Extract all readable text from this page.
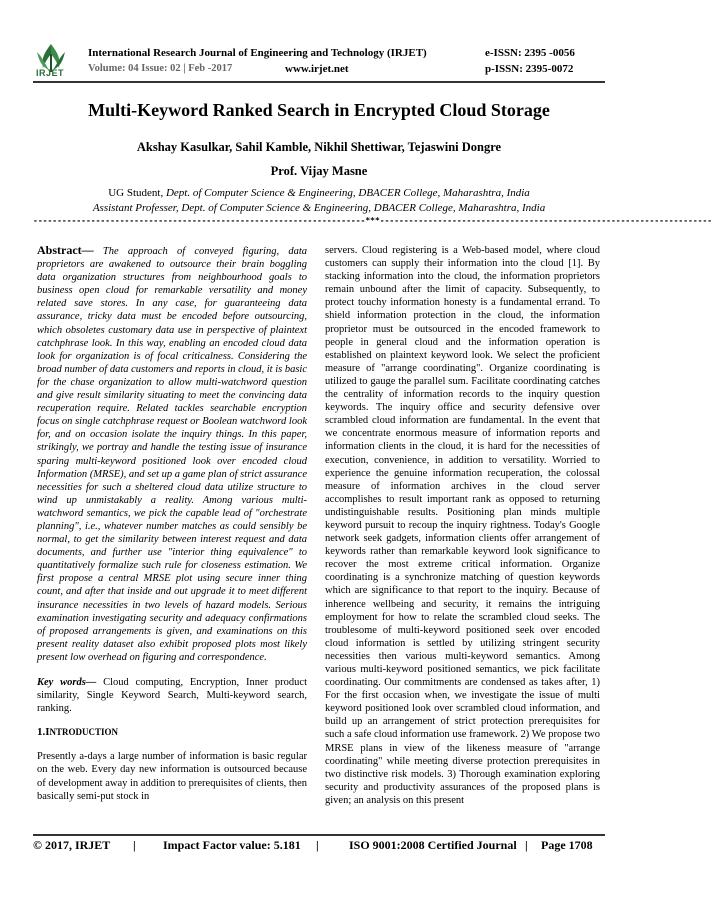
IRJET
International Research Journal of Engineering and Technology (IRJET)	e-ISSN: 2395 -0056
Volume: 04 Issue: 02 | Feb -2017	www.irjet.net	p-ISSN: 2395-0072
Multi-Keyword Ranked Search in Encrypted Cloud Storage
Akshay Kasulkar, Sahil Kamble, Nikhil Shettiwar, Tejaswini Dongre
Prof. Vijay Masne
UG Student, Dept. of Computer Science & Engineering, DBACER College, Maharashtra, India
Assistant Professer, Dept. of Computer Science & Engineering, DBACER College, Maharashtra, India
---------------------------------------------------------------------***---------------------------------------------------------------------

Abstract— The approach of conveyed figuring, data proprietors are awakened to outsource their brain boggling data organization structures from neighbourhood goals to business open cloud for remarkable versatility and money related save stores. In any case, for guaranteeing data assurance, tricky data must be encoded before outsourcing, which obsoletes customary data use in perspective of plaintext catchphrase look. In this way, enabling an encoded cloud data look for organization is of focal criticalness. Considering the broad number of data customers and reports in cloud, it is basic for the chase organization to allow multi-watchword question and give result similarity situating to meet the convincing data recuperation require. Related tackles searchable encryption focus on single catchphrase request or Boolean watchword look for, and on occasion isolate the inquiry things. In this paper, strikingly, we portray and handle the testing issue of insurance sparing multi-keyword positioned look over encoded cloud Information (MRSE), and set up a game plan of strict assurance necessities for such a sheltered cloud data utilize structure to wind up unmistakably a reality. Among various multi-watchword semantics, we pick the capable lead of "orchestrate planning", i.e., whatever number matches as could sensibly be normal, to get the similarity between interest request and data documents, and further use "interior thing equivalence" to quantitatively formalize such rule for closeness estimation. We first propose a central MRSE plot using secure inner thing count, and after that inside and out upgrade it to meet different insurance necessities in two levels of hazard models. Serious examination investigating security and adequacy confirmations of proposed arrangements is given, and examinations on this present reality dataset also exhibit proposed plots most likely present low overhead on figuring and correspondence.

Key words— Cloud computing, Encryption, Inner product similarity, Single Keyword Search, Multi-keyword search, ranking.

1.INTRODUCTION

Presently a-days a large number of information is basic regular on the web. Every day new information is outsourced because of development away in addition to prerequisites of clients, then basically semi-put stock in

servers. Cloud registering is a Web-based model, where cloud customers can supply their information into the cloud [1]. By stacking information into the cloud, the information proprietors remain unbound after the limit of capacity. Subsequently, to protect touchy information honesty is a fundamental errand. To shield information protection in the cloud, the information proprietor must be outsourced in the encoded framework to people in general cloud and the information operation is established on plaintext keyword look. We select the proficient measure of "arrange coordinating". Organize coordinating is utilized to gauge the parallel sum. Facilitate coordinating catches the centrality of information records to the inquiry question keywords. The inquiry office and security defensive over scrambled cloud information are fundamental. In the event that we concentrate enormous measure of information reports and information clients in the cloud, it is hard for the necessities of execution, convenience, in addition to versatility. Worried to experience the genuine information recuperation, the colossal measure of information archives in the cloud server accomplishes to result important rank as opposed to returning undistinguishable results. Positioning plan minds multiple keyword pursuit to recoup the inquiry rightness. Today's Google network seek gadgets, information clients offer arrangement of keywords rather than remarkable keyword look significance to recover the most extreme critical information. Organize coordinating is a synchronize matching of question keywords which are significance to that report to the inquiry. Because of inherence wellbeing and security, it remains the intriguing employment for how to relate the scrambled cloud seeks. The troublesome of multi-keyword positioned seek over encoded cloud information is settled by utilizing stringent security necessities then various multi-keyword semantics. Among various multi-keyword positioned semantics, we pick facilitate coordinating. Our commitments are condensed as takes after, 1) For the first occasion when, we investigate the issue of multi keyword positioned look over scrambled cloud information, and build up an arrangement of strict protection prerequisites for such a safe cloud information use framework. 2) We propose two MRSE plans in view of the likeness measure of "arrange coordinating" while meeting diverse protection prerequisites in two distinctive risk models. 3) Thorough examination exploring security and productivity assurances of the proposed plans is given; an analysis on this present

© 2017, IRJET | Impact Factor value: 5.181 |	ISO 9001:2008 Certified Journal | Page 1708
